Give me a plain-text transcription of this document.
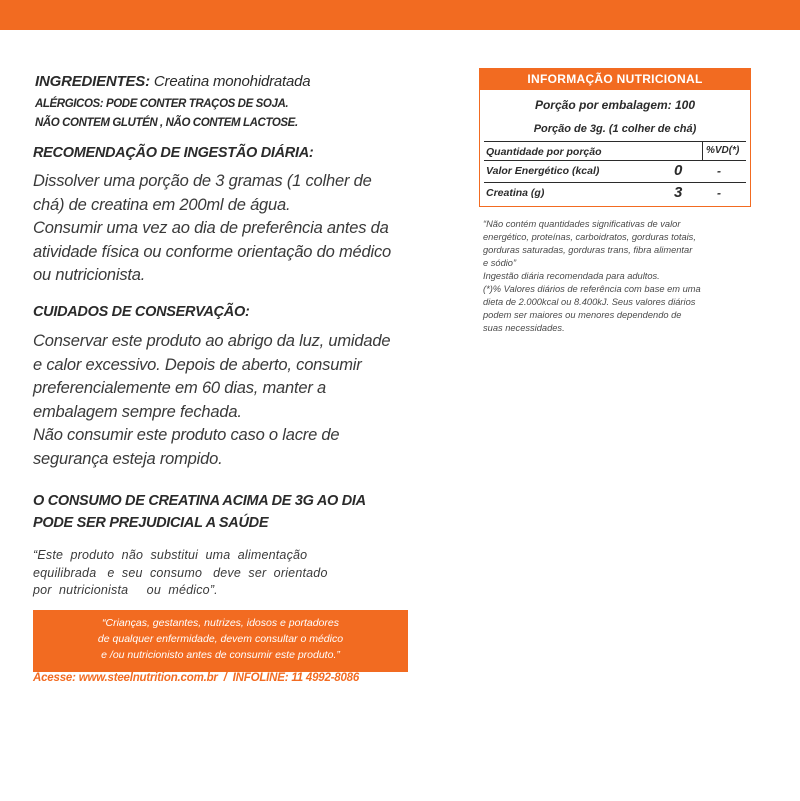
INGREDIENTES: Creatina monohidratada
ALÉRGICOS: PODE CONTER TRAÇOS DE SOJA.
NÃO CONTEM GLUTÉN , NÃO CONTEM LACTOSE.
RECOMENDAÇÃO DE INGESTÃO DIÁRIA:
Dissolver uma porção de 3 gramas (1 colher de
chá) de creatina em 200ml de água.
Consumir uma vez ao dia de preferência antes da
atividade física ou conforme orientação do médico
ou nutricionista.
CUIDADOS DE CONSERVAÇÃO:
Conservar este produto ao abrigo da luz, umidade
e calor excessivo. Depois de aberto, consumir
preferencialemente em 60 dias, manter a
embalagem sempre fechada.
Não consumir este produto caso o lacre de
segurança esteja rompido.
O CONSUMO DE CREATINA ACIMA DE 3G AO DIA
PODE SER PREJUDICIAL A SAÚDE
“Este  produto  não  substitui  uma  alimentação
equilibrada   e  seu  consumo   deve  ser  orientado
por  nutricionista     ou  médico”.

“Crianças, gestantes, nutrizes, idosos e portadores

de qualquer enfermidade, devem consultar o médico

e /ou nutricionisto antes de consumir este produto.”

Acesse: www.steelnutrition.com.br  /  INFOLINE: 11 4992-8086
INFORMAÇÃO NUTRICIONAL
Porção por embalagem: 100
Porção de 3g. (1 colher de chá)
Quantidade por porção	%VD(*)
Valor Energético (kcal)	0	-
Creatina (g)	3	-
“Não contém quantidades significativas de valor
energético, proteínas, carboidratos, gorduras totais,
gorduras saturadas, gorduras trans, fibra alimentar
e sódio”
Ingestão diária recomendada para adultos.
(*)% Valores diários de referência com base em uma
dieta de 2.000kcal ou 8.400kJ. Seus valores diários
podem ser maiores ou menores dependendo de
suas necessidades.
